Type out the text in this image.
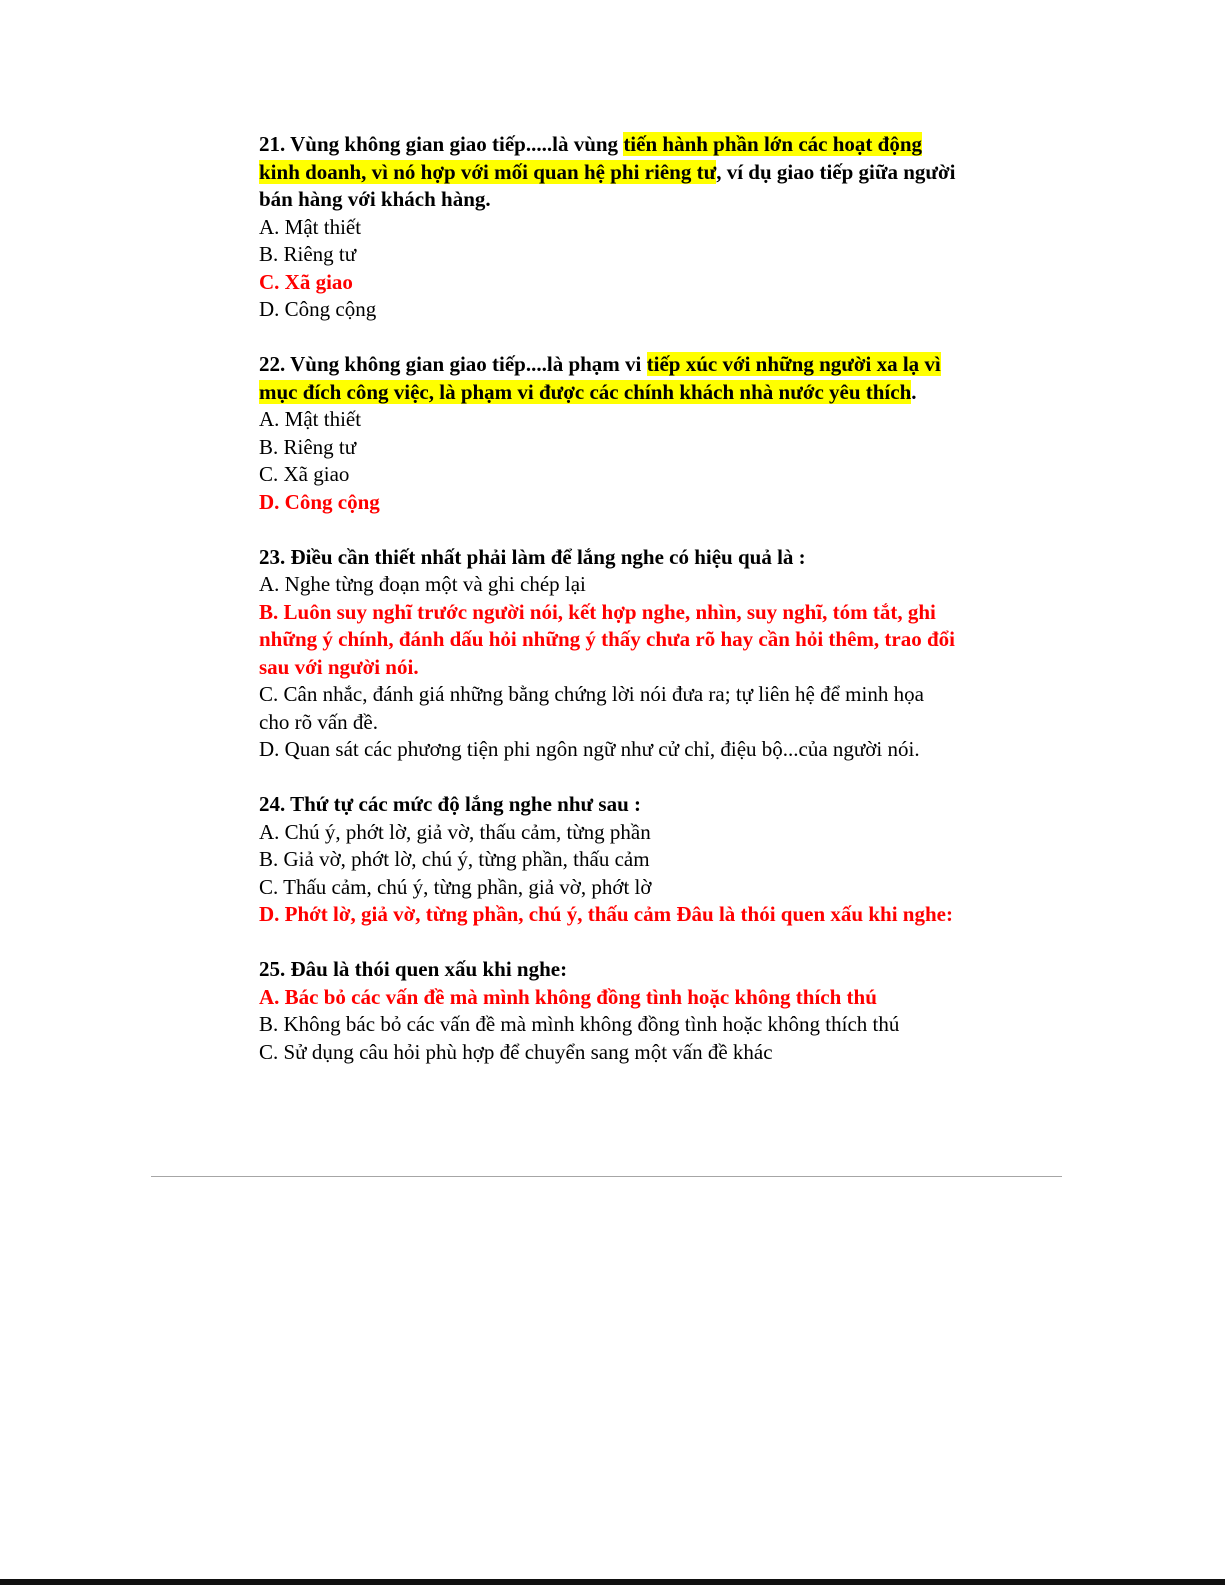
21. Vùng không gian giao tiếp.....là vùng tiến hành phần lớn các hoạt động kinh doanh, vì nó hợp với mối quan hệ phi riêng tư, ví dụ giao tiếp giữa người bán hàng với khách hàng.
A. Mật thiết
B. Riêng tư
C. Xã giao
D. Công cộng
22. Vùng không gian giao tiếp....là phạm vi tiếp xúc với những người xa lạ vì mục đích công việc, là phạm vi được các chính khách nhà nước yêu thích.
A. Mật thiết
B. Riêng tư
C. Xã giao
D. Công cộng
23. Điều cần thiết nhất phải làm để lắng nghe có hiệu quả là :
A. Nghe từng đoạn một và ghi chép lại
B. Luôn suy nghĩ trước người nói, kết hợp nghe, nhìn, suy nghĩ, tóm tắt, ghi những ý chính, đánh dấu hỏi những ý thấy chưa rõ hay cần hỏi thêm, trao đổi sau với người nói.
C. Cân nhắc, đánh giá những bằng chứng lời nói đưa ra; tự liên hệ để minh họa cho rõ vấn đề.
D. Quan sát các phương tiện phi ngôn ngữ như cử chỉ, điệu bộ...của người nói.
24. Thứ tự các mức độ lắng nghe như sau :
A. Chú ý, phớt lờ, giả vờ, thấu cảm, từng phần
B. Giả vờ, phớt lờ, chú ý, từng phần, thấu cảm
C. Thấu cảm, chú ý, từng phần, giả vờ, phớt lờ
D. Phớt lờ, giả vờ, từng phần, chú ý, thấu cảm Đâu là thói quen xấu khi nghe:
25. Đâu là thói quen xấu khi nghe:
A. Bác bỏ các vấn đề mà mình không đồng tình hoặc không thích thú
B. Không bác bỏ các vấn đề mà mình không đồng tình hoặc không thích thú
C. Sử dụng câu hỏi phù hợp để chuyển sang một vấn đề khác
